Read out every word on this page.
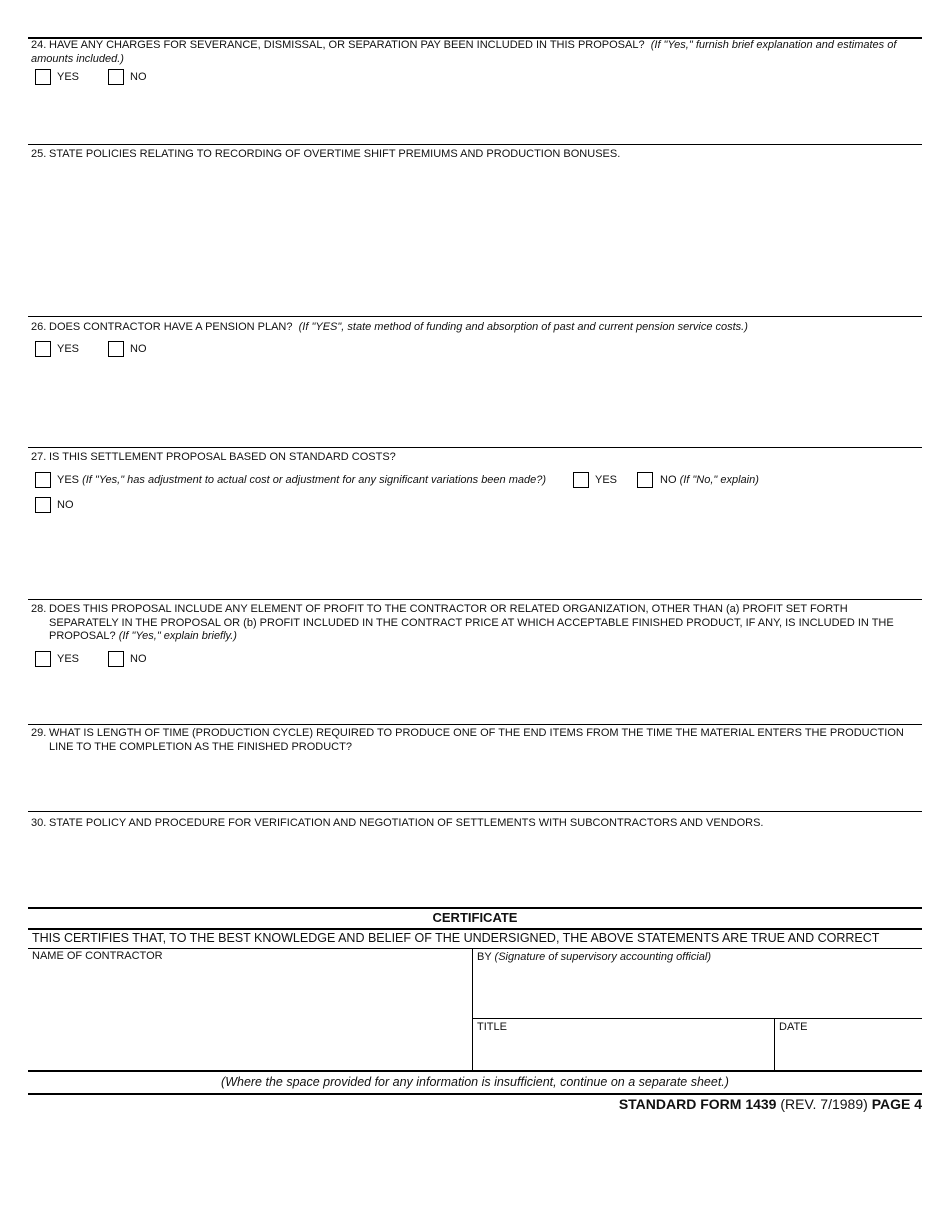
24. HAVE ANY CHARGES FOR SEVERANCE, DISMISSAL, OR SEPARATION PAY BEEN INCLUDED IN THIS PROPOSAL? (If "Yes," furnish brief explanation and estimates of amounts included.)
YES	NO
25. STATE POLICIES RELATING TO RECORDING OF OVERTIME SHIFT PREMIUMS AND PRODUCTION BONUSES.
26. DOES CONTRACTOR HAVE A PENSION PLAN? (If "YES", state method of funding and absorption of past and current pension service costs.)
YES	NO
27. IS THIS SETTLEMENT PROPOSAL BASED ON STANDARD COSTS?
YES (If "Yes," has adjustment to actual cost or adjustment for any significant variations been made?)	YES	NO (If "No," explain)
NO
28. DOES THIS PROPOSAL INCLUDE ANY ELEMENT OF PROFIT TO THE CONTRACTOR OR RELATED ORGANIZATION, OTHER THAN (a) PROFIT SET FORTH SEPARATELY IN THE PROPOSAL OR (b) PROFIT INCLUDED IN THE CONTRACT PRICE AT WHICH ACCEPTABLE FINISHED PRODUCT, IF ANY, IS INCLUDED IN THE PROPOSAL? (If "Yes," explain briefly.)
YES	NO
29. WHAT IS LENGTH OF TIME (PRODUCTION CYCLE) REQUIRED TO PRODUCE ONE OF THE END ITEMS FROM THE TIME THE MATERIAL ENTERS THE PRODUCTION LINE TO THE COMPLETION AS THE FINISHED PRODUCT?
30. STATE POLICY AND PROCEDURE FOR VERIFICATION AND NEGOTIATION OF SETTLEMENTS WITH SUBCONTRACTORS AND VENDORS.
CERTIFICATE
THIS CERTIFIES THAT, TO THE BEST KNOWLEDGE AND BELIEF OF THE UNDERSIGNED, THE ABOVE STATEMENTS ARE TRUE AND CORRECT
NAME OF CONTRACTOR	BY (Signature of supervisory accounting official)
TITLE	DATE
(Where the space provided for any information is insufficient, continue on a separate sheet.)
STANDARD FORM 1439 (REV. 7/1989) PAGE 4
